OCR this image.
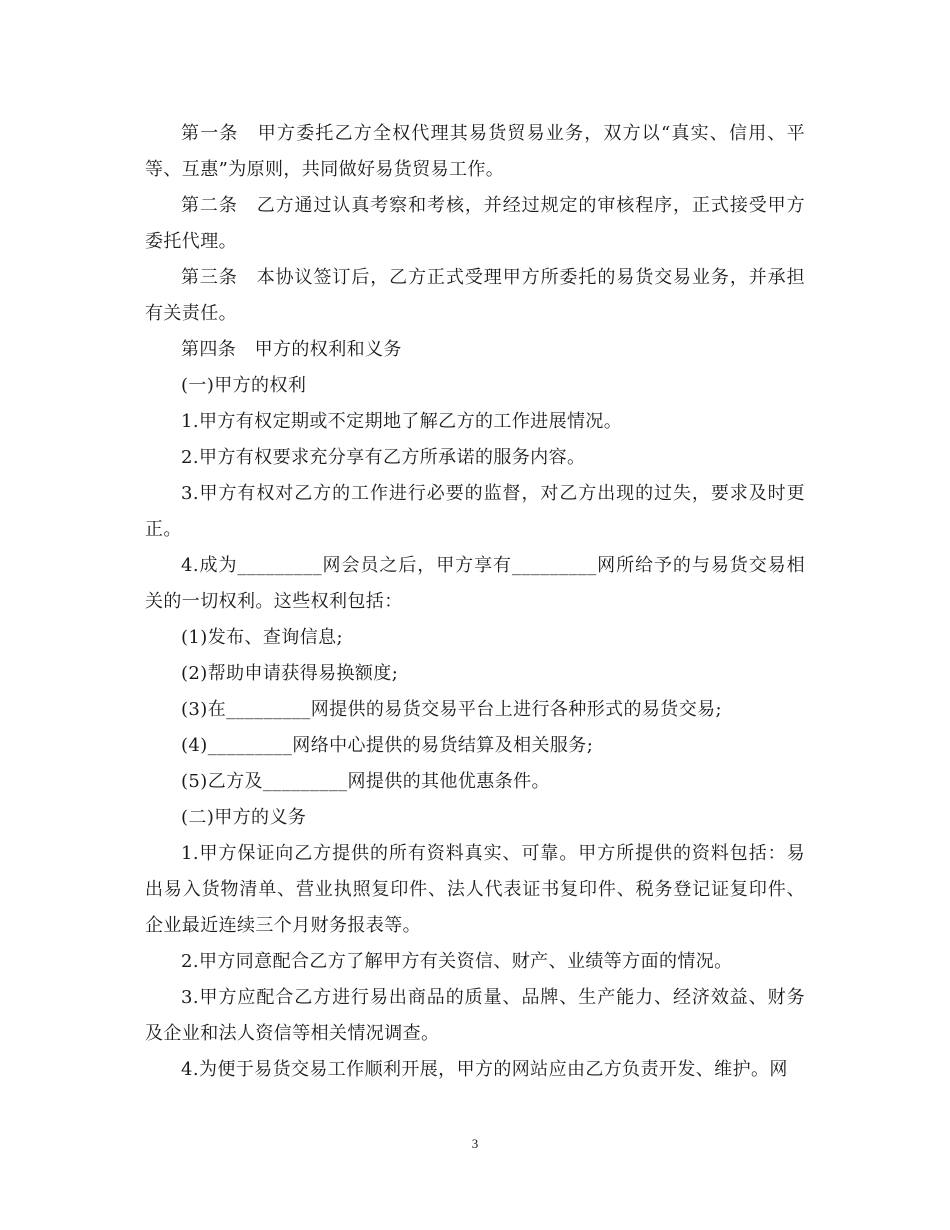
第一条　甲方委托乙方全权代理其易货贸易业务，双方以“真实、信用、平等、互惠”为原则，共同做好易货贸易工作。

第二条　乙方通过认真考察和考核，并经过规定的审核程序，正式接受甲方委托代理。

第三条　本协议签订后，乙方正式受理甲方所委托的易货交易业务，并承担有关责任。

第四条　甲方的权利和义务

(一)甲方的权利

1.甲方有权定期或不定期地了解乙方的工作进展情况。

2.甲方有权要求充分享有乙方所承诺的服务内容。

3.甲方有权对乙方的工作进行必要的监督，对乙方出现的过失，要求及时更正。

4.成为_________网会员之后，甲方享有_________网所给予的与易货交易相关的一切权利。这些权利包括：

(1)发布、查询信息;

(2)帮助申请获得易换额度;

(3)在_________网提供的易货交易平台上进行各种形式的易货交易;

(4)_________网络中心提供的易货结算及相关服务;

(5)乙方及_________网提供的其他优惠条件。

(二)甲方的义务

1.甲方保证向乙方提供的所有资料真实、可靠。甲方所提供的资料包括：易出易入货物清单、营业执照复印件、法人代表证书复印件、税务登记证复印件、企业最近连续三个月财务报表等。

2.甲方同意配合乙方了解甲方有关资信、财产、业绩等方面的情况。

3.甲方应配合乙方进行易出商品的质量、品牌、生产能力、经济效益、财务及企业和法人资信等相关情况调查。

4.为便于易货交易工作顺利开展，甲方的网站应由乙方负责开发、维护。网

3
